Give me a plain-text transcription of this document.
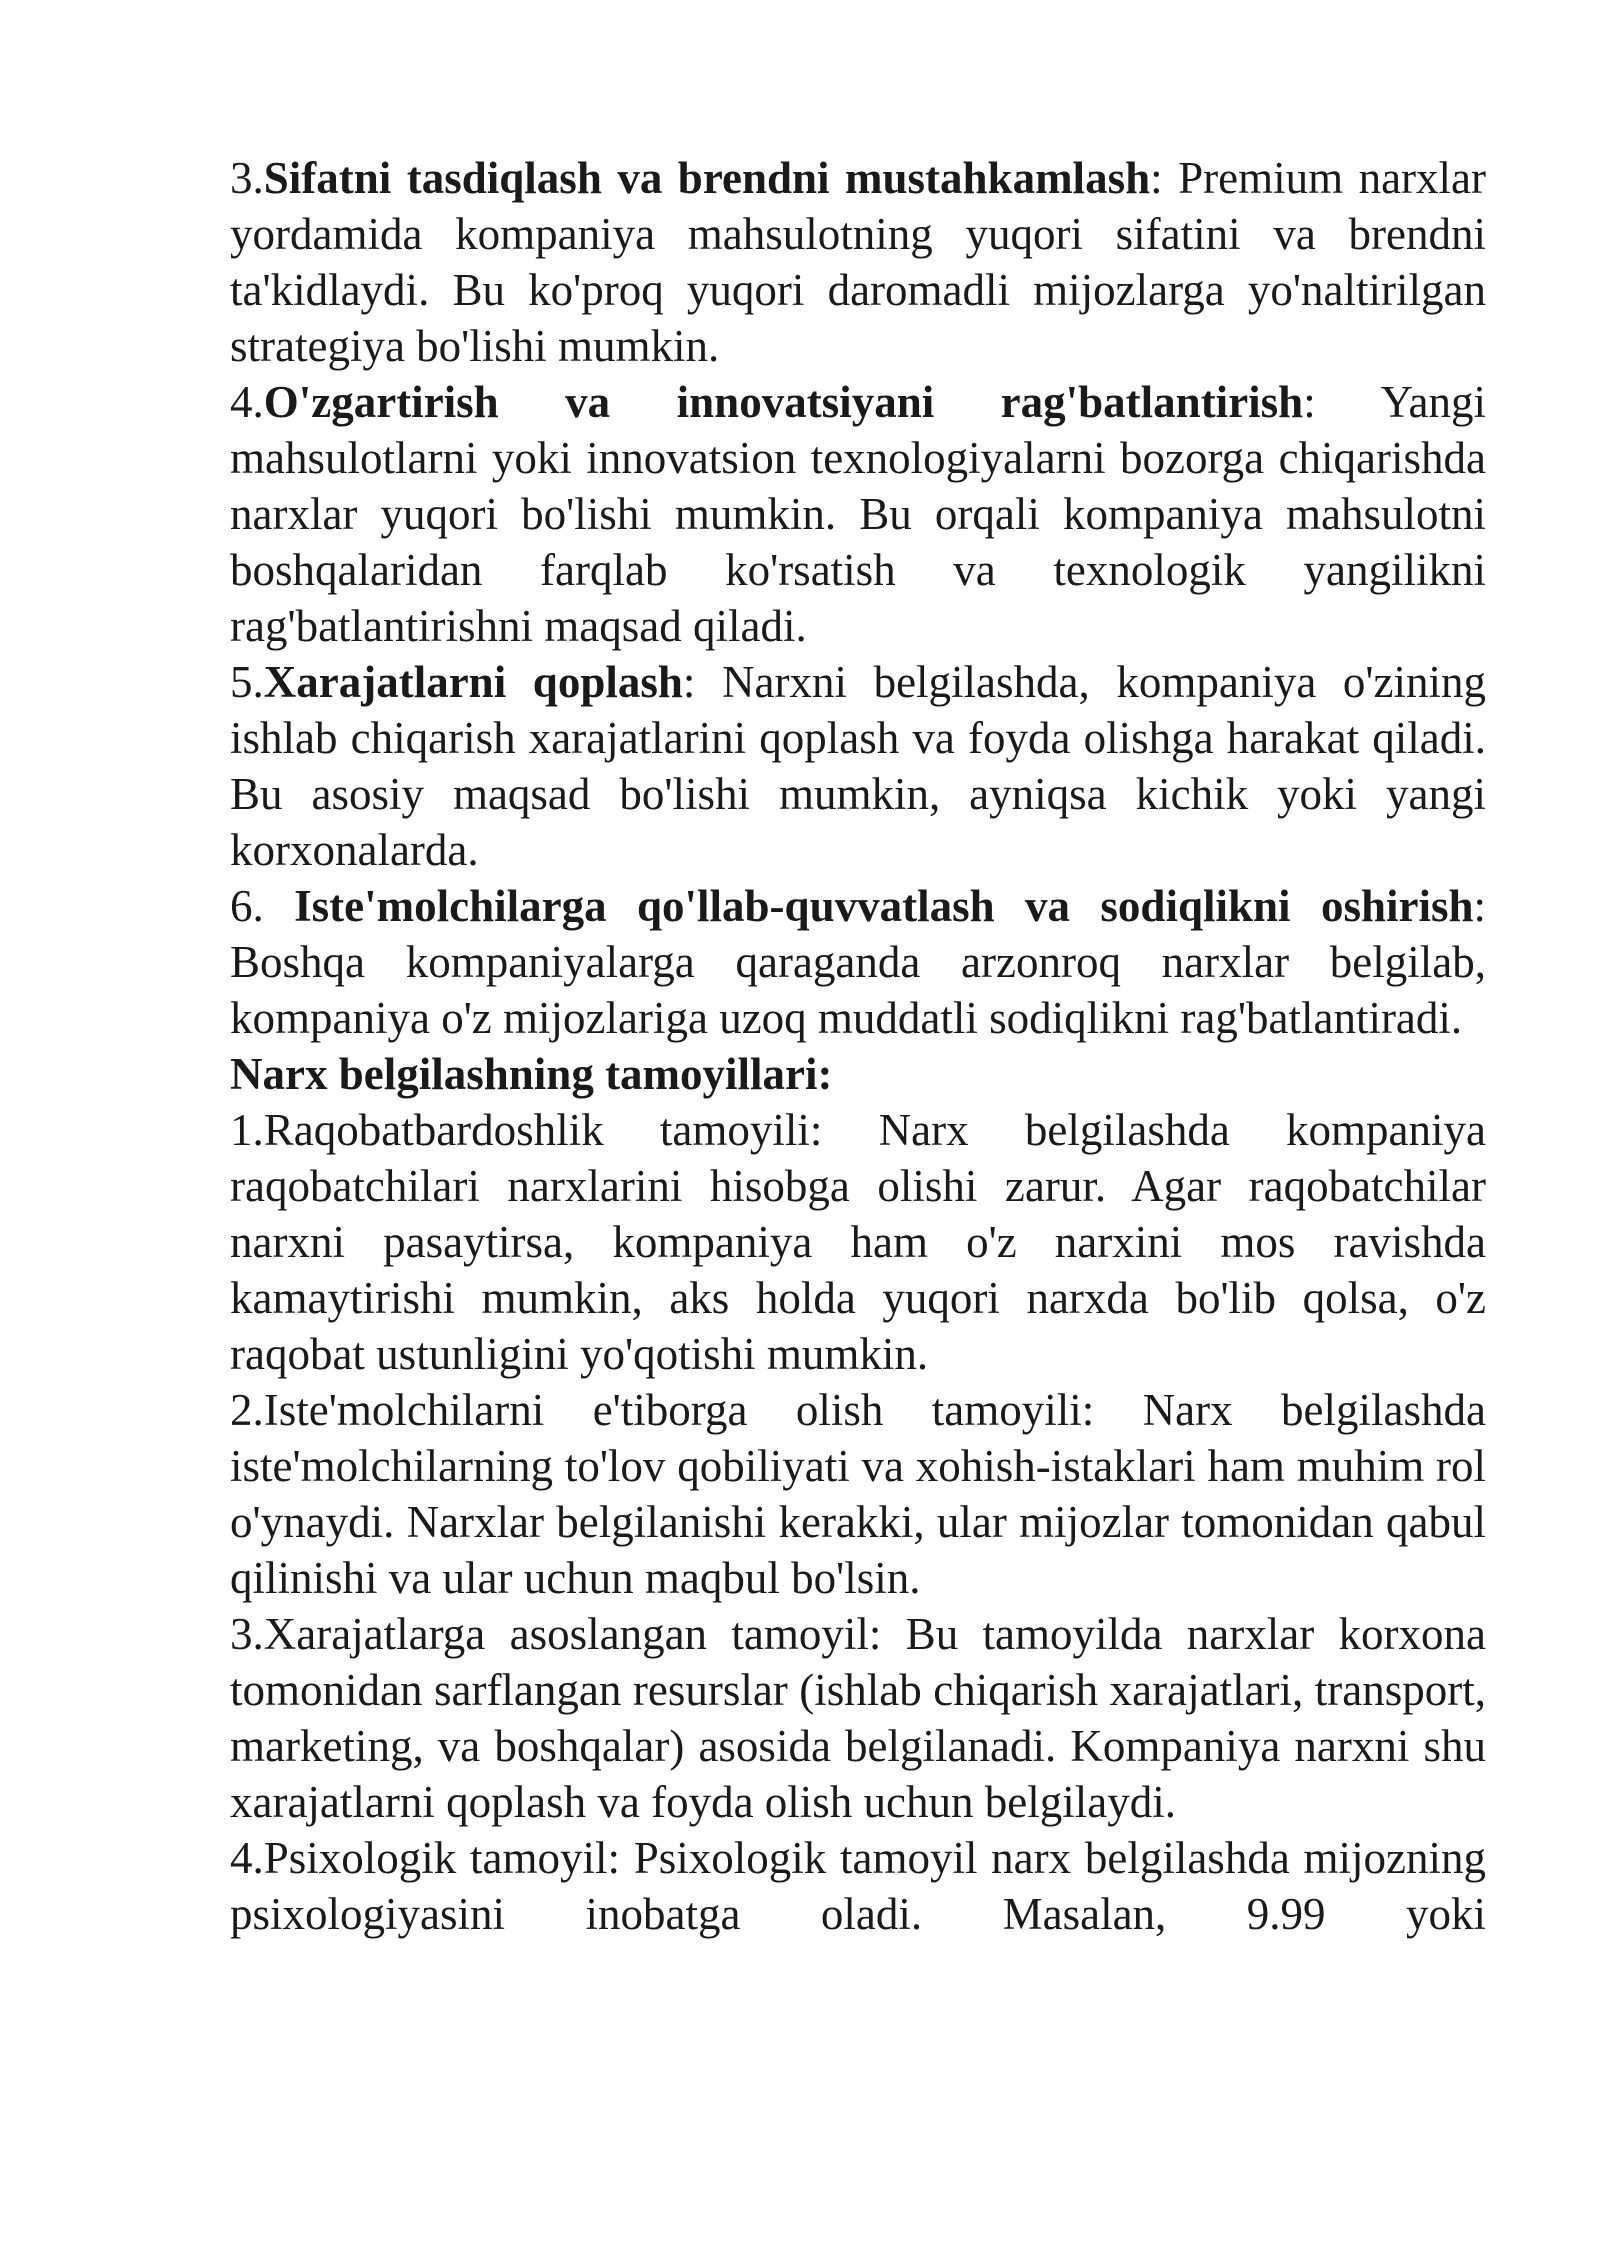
3.Sifatni tasdiqlash va brendni mustahkamlash: Premium narxlar yordamida kompaniya mahsulotning yuqori sifatini va brendni ta'kidlaydi. Bu ko'proq yuqori daromadli mijozlarga yo'naltirilgan strategiya bo'lishi mumkin.

4.O'zgartirish va innovatsiyani rag'batlantirish: Yangi mahsulotlarni yoki innovatsion texnologiyalarni bozorga chiqarishda narxlar yuqori bo'lishi mumkin. Bu orqali kompaniya mahsulotni boshqalaridan farqlab ko'rsatish va texnologik yangilikni rag'batlantirishni maqsad qiladi.

5.Xarajatlarni qoplash: Narxni belgilashda, kompaniya o'zining ishlab chiqarish xarajatlarini qoplash va foyda olishga harakat qiladi. Bu asosiy maqsad bo'lishi mumkin, ayniqsa kichik yoki yangi korxonalarda.

6. Iste'molchilarga qo'llab-quvvatlash va sodiqlikni oshirish: Boshqa kompaniyalarga qaraganda arzonroq narxlar belgilab, kompaniya o'z mijozlariga uzoq muddatli sodiqlikni rag'batlantiradi.

Narx belgilashning tamoyillari:

1.Raqobatbardoshlik tamoyili: Narx belgilashda kompaniya raqobatchilari narxlarini hisobga olishi zarur. Agar raqobatchilar narxni pasaytirsa, kompaniya ham o'z narxini mos ravishda kamaytirishi mumkin, aks holda yuqori narxda bo'lib qolsa, o'z raqobat ustunligini yo'qotishi mumkin.

2.Iste'molchilarni e'tiborga olish tamoyili: Narx belgilashda iste'molchilarning to'lov qobiliyati va xohish-istaklari ham muhim rol o'ynaydi. Narxlar belgilanishi kerakki, ular mijozlar tomonidan qabul qilinishi va ular uchun maqbul bo'lsin.

3.Xarajatlarga asoslangan tamoyil: Bu tamoyilda narxlar korxona tomonidan sarflangan resurslar (ishlab chiqarish xarajatlari, transport, marketing, va boshqalar) asosida belgilanadi. Kompaniya narxni shu xarajatlarni qoplash va foyda olish uchun belgilaydi.

4.Psixologik tamoyil: Psixologik tamoyil narx belgilashda mijozning psixologiyasini inobatga oladi. Masalan, 9.99 yoki
